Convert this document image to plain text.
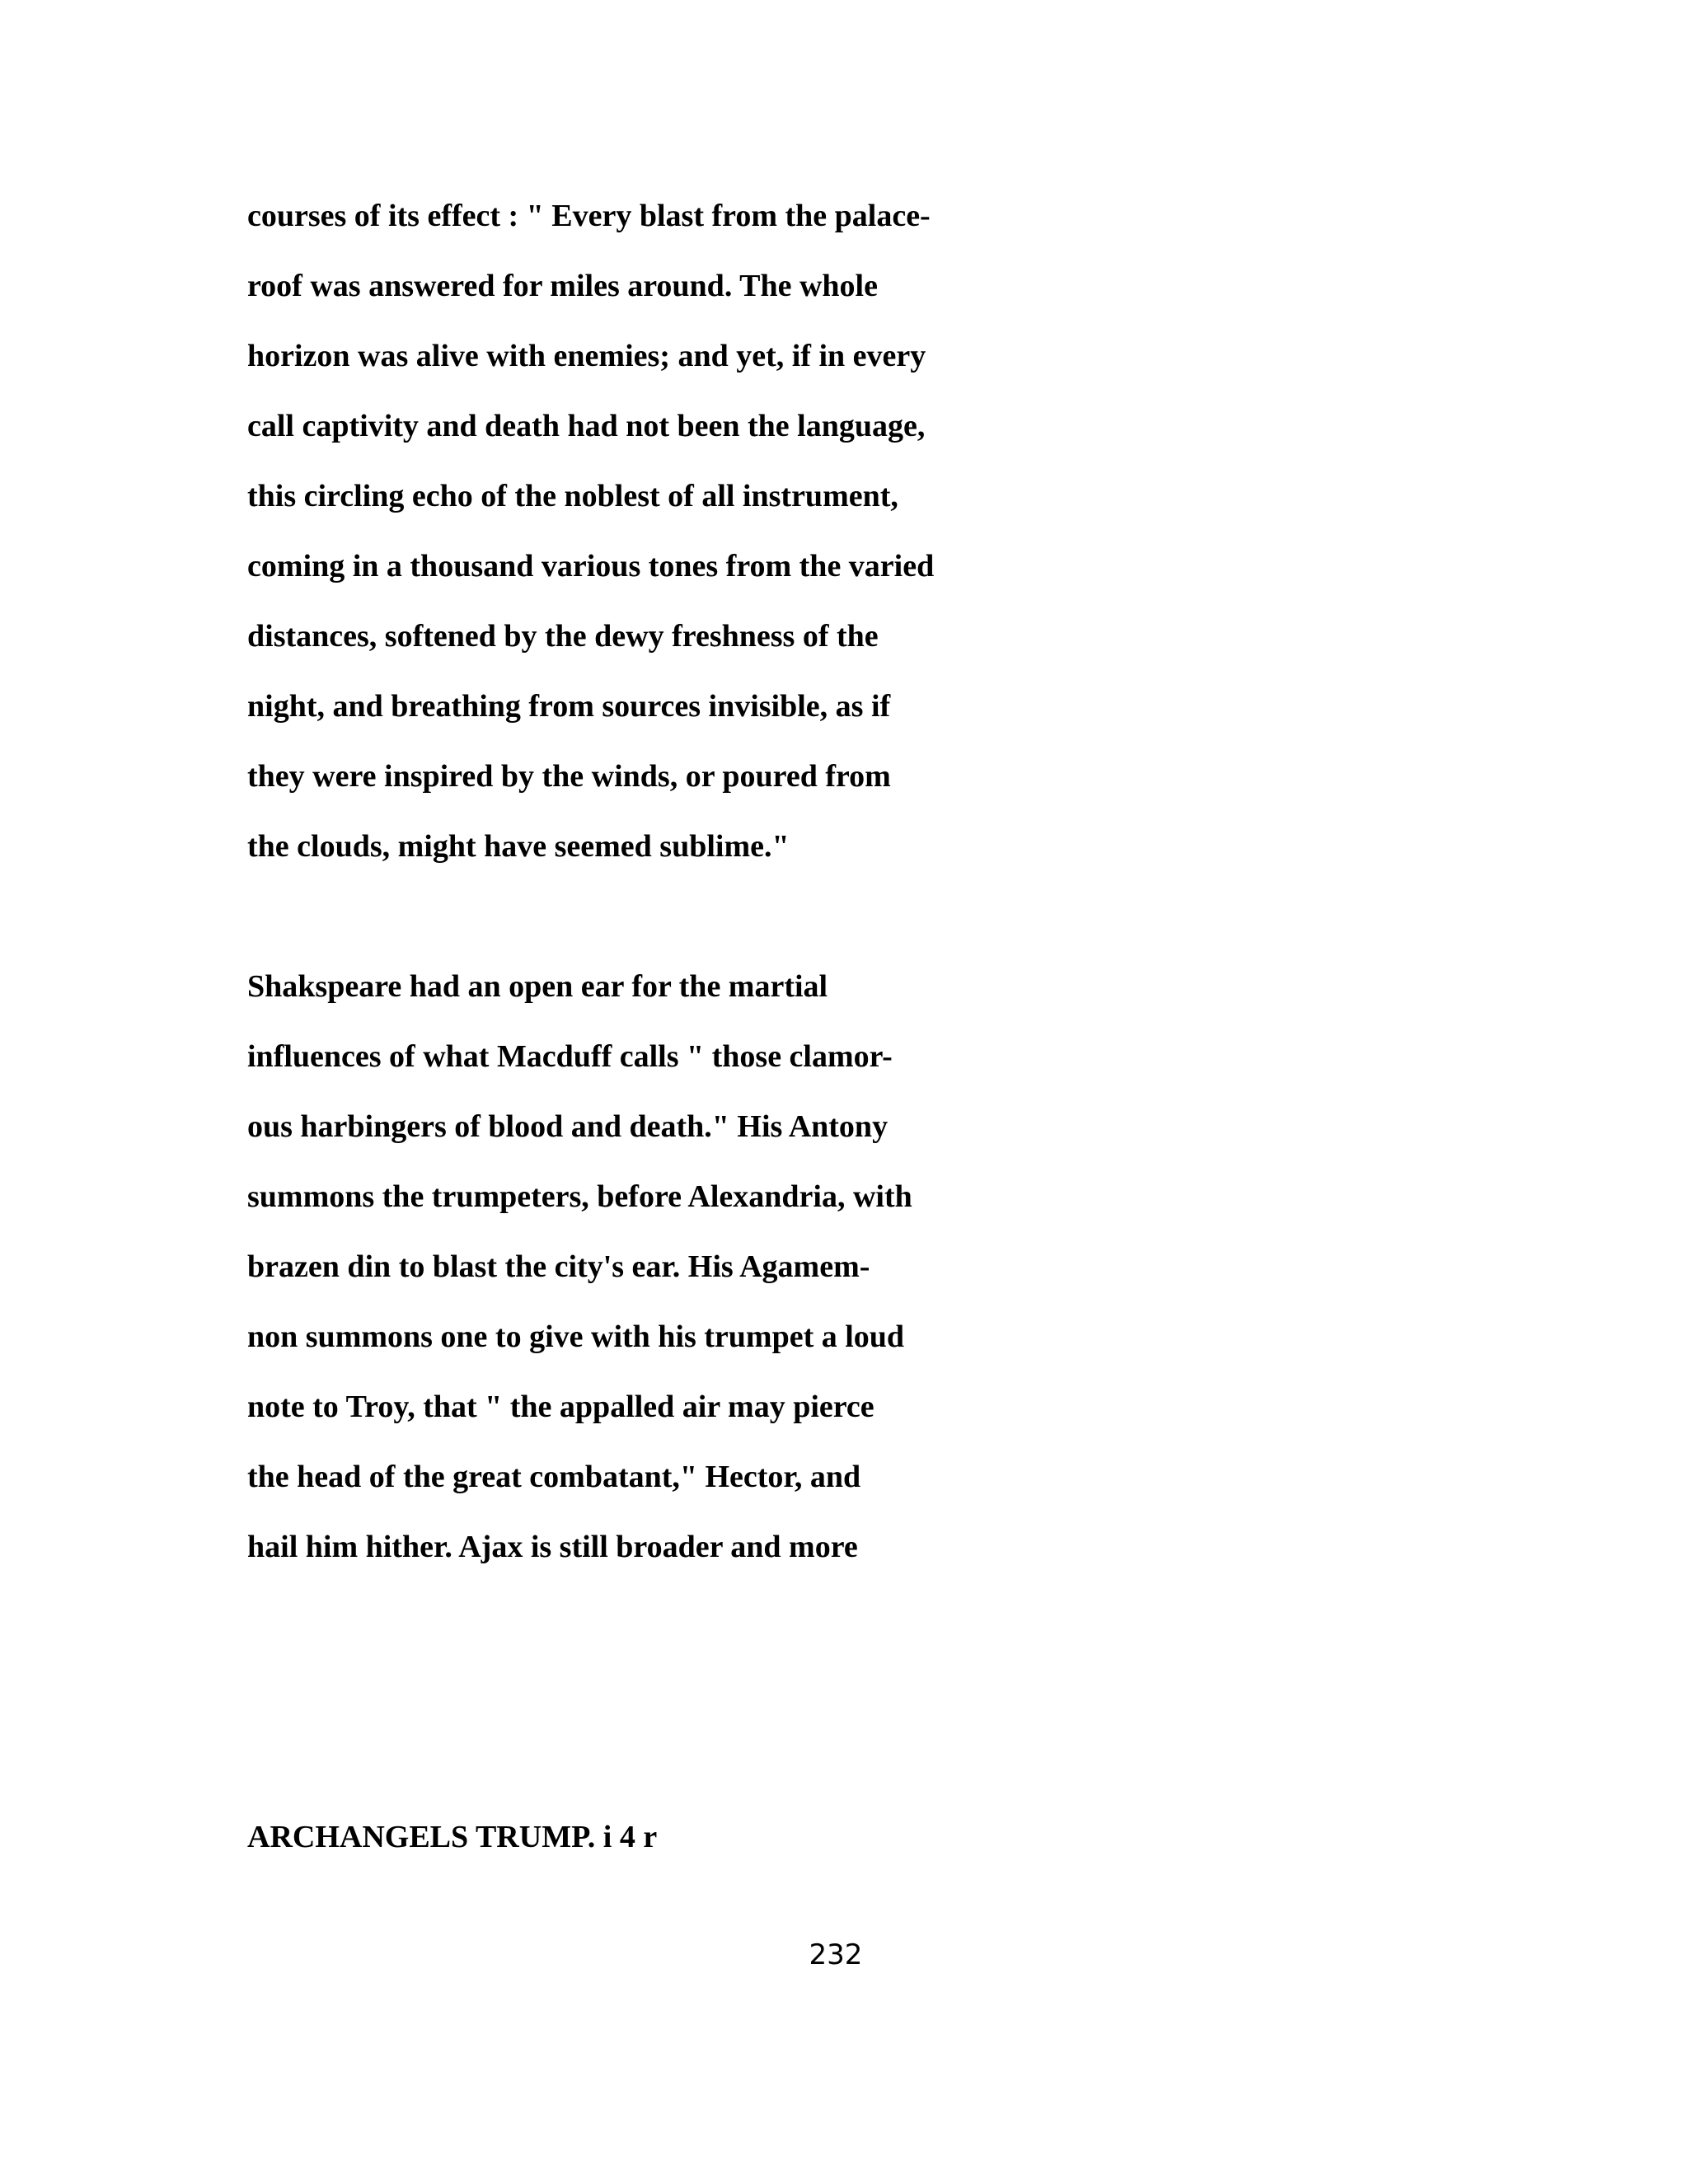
courses of its effect : " Every blast from the palace-
roof was answered for miles around. The whole
horizon was alive with enemies; and yet, if in every
call captivity and death had not been the language,
this circling echo of the noblest of all instrument,
coming in a thousand various tones from the varied
distances, softened by the dewy freshness of the
night, and breathing from sources invisible, as if
they were inspired by the winds, or poured from
the clouds, might have seemed sublime."
Shakspeare had an open ear for the martial
influences of what Macduff calls " those clamor-
ous harbingers of blood and death." His Antony
summons the trumpeters, before Alexandria, with
brazen din to blast the city's ear. His Agamem-
non summons one to give with his trumpet a loud
note to Troy, that " the appalled air may pierce
the head of the great combatant," Hector, and
hail him hither. Ajax is still broader and more
ARCHANGELS TRUMP. i 4 r
232
